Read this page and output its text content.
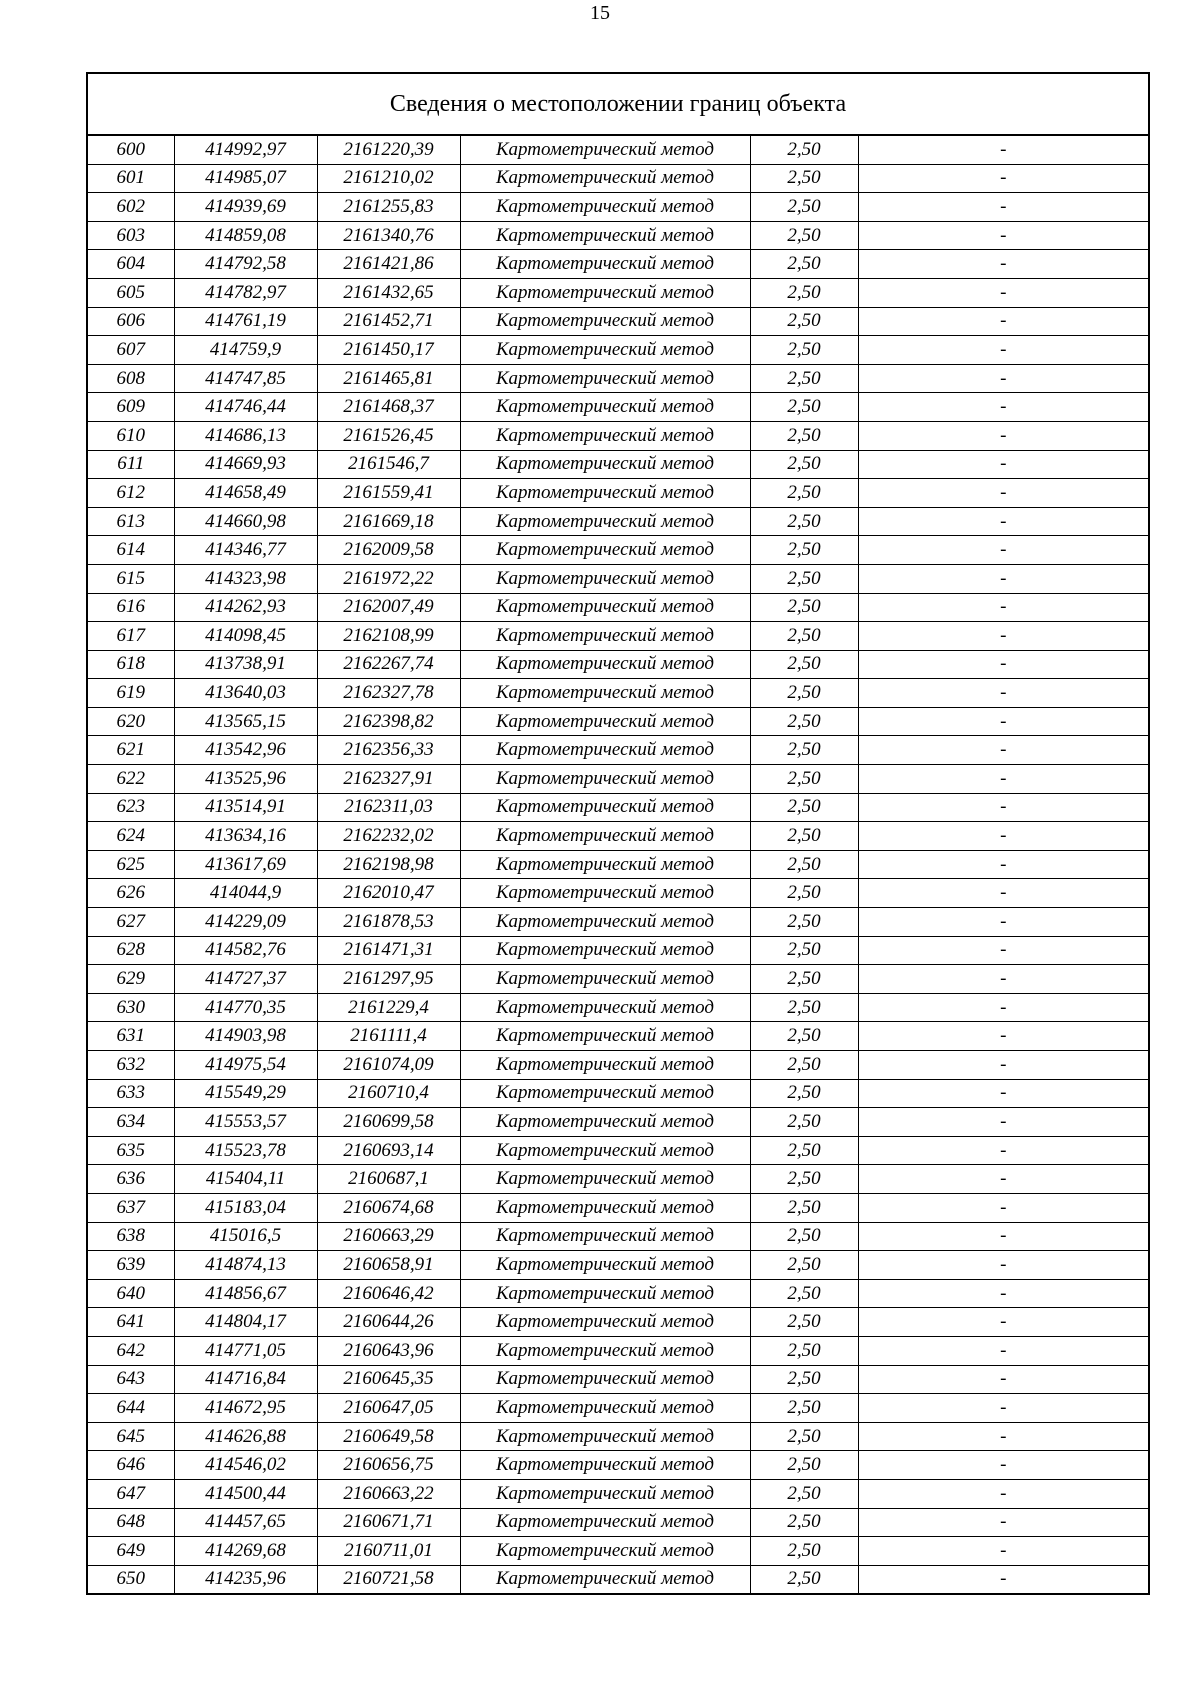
15
Сведения о местоположении границ объекта
600	414992,97	2161220,39	Картометрический метод	2,50	-
601	414985,07	2161210,02	Картометрический метод	2,50	-
602	414939,69	2161255,83	Картометрический метод	2,50	-
603	414859,08	2161340,76	Картометрический метод	2,50	-
604	414792,58	2161421,86	Картометрический метод	2,50	-
605	414782,97	2161432,65	Картометрический метод	2,50	-
606	414761,19	2161452,71	Картометрический метод	2,50	-
607	414759,9	2161450,17	Картометрический метод	2,50	-
608	414747,85	2161465,81	Картометрический метод	2,50	-
609	414746,44	2161468,37	Картометрический метод	2,50	-
610	414686,13	2161526,45	Картометрический метод	2,50	-
611	414669,93	2161546,7	Картометрический метод	2,50	-
612	414658,49	2161559,41	Картометрический метод	2,50	-
613	414660,98	2161669,18	Картометрический метод	2,50	-
614	414346,77	2162009,58	Картометрический метод	2,50	-
615	414323,98	2161972,22	Картометрический метод	2,50	-
616	414262,93	2162007,49	Картометрический метод	2,50	-
617	414098,45	2162108,99	Картометрический метод	2,50	-
618	413738,91	2162267,74	Картометрический метод	2,50	-
619	413640,03	2162327,78	Картометрический метод	2,50	-
620	413565,15	2162398,82	Картометрический метод	2,50	-
621	413542,96	2162356,33	Картометрический метод	2,50	-
622	413525,96	2162327,91	Картометрический метод	2,50	-
623	413514,91	2162311,03	Картометрический метод	2,50	-
624	413634,16	2162232,02	Картометрический метод	2,50	-
625	413617,69	2162198,98	Картометрический метод	2,50	-
626	414044,9	2162010,47	Картометрический метод	2,50	-
627	414229,09	2161878,53	Картометрический метод	2,50	-
628	414582,76	2161471,31	Картометрический метод	2,50	-
629	414727,37	2161297,95	Картометрический метод	2,50	-
630	414770,35	2161229,4	Картометрический метод	2,50	-
631	414903,98	2161111,4	Картометрический метод	2,50	-
632	414975,54	2161074,09	Картометрический метод	2,50	-
633	415549,29	2160710,4	Картометрический метод	2,50	-
634	415553,57	2160699,58	Картометрический метод	2,50	-
635	415523,78	2160693,14	Картометрический метод	2,50	-
636	415404,11	2160687,1	Картометрический метод	2,50	-
637	415183,04	2160674,68	Картометрический метод	2,50	-
638	415016,5	2160663,29	Картометрический метод	2,50	-
639	414874,13	2160658,91	Картометрический метод	2,50	-
640	414856,67	2160646,42	Картометрический метод	2,50	-
641	414804,17	2160644,26	Картометрический метод	2,50	-
642	414771,05	2160643,96	Картометрический метод	2,50	-
643	414716,84	2160645,35	Картометрический метод	2,50	-
644	414672,95	2160647,05	Картометрический метод	2,50	-
645	414626,88	2160649,58	Картометрический метод	2,50	-
646	414546,02	2160656,75	Картометрический метод	2,50	-
647	414500,44	2160663,22	Картометрический метод	2,50	-
648	414457,65	2160671,71	Картометрический метод	2,50	-
649	414269,68	2160711,01	Картометрический метод	2,50	-
650	414235,96	2160721,58	Картометрический метод	2,50	-
